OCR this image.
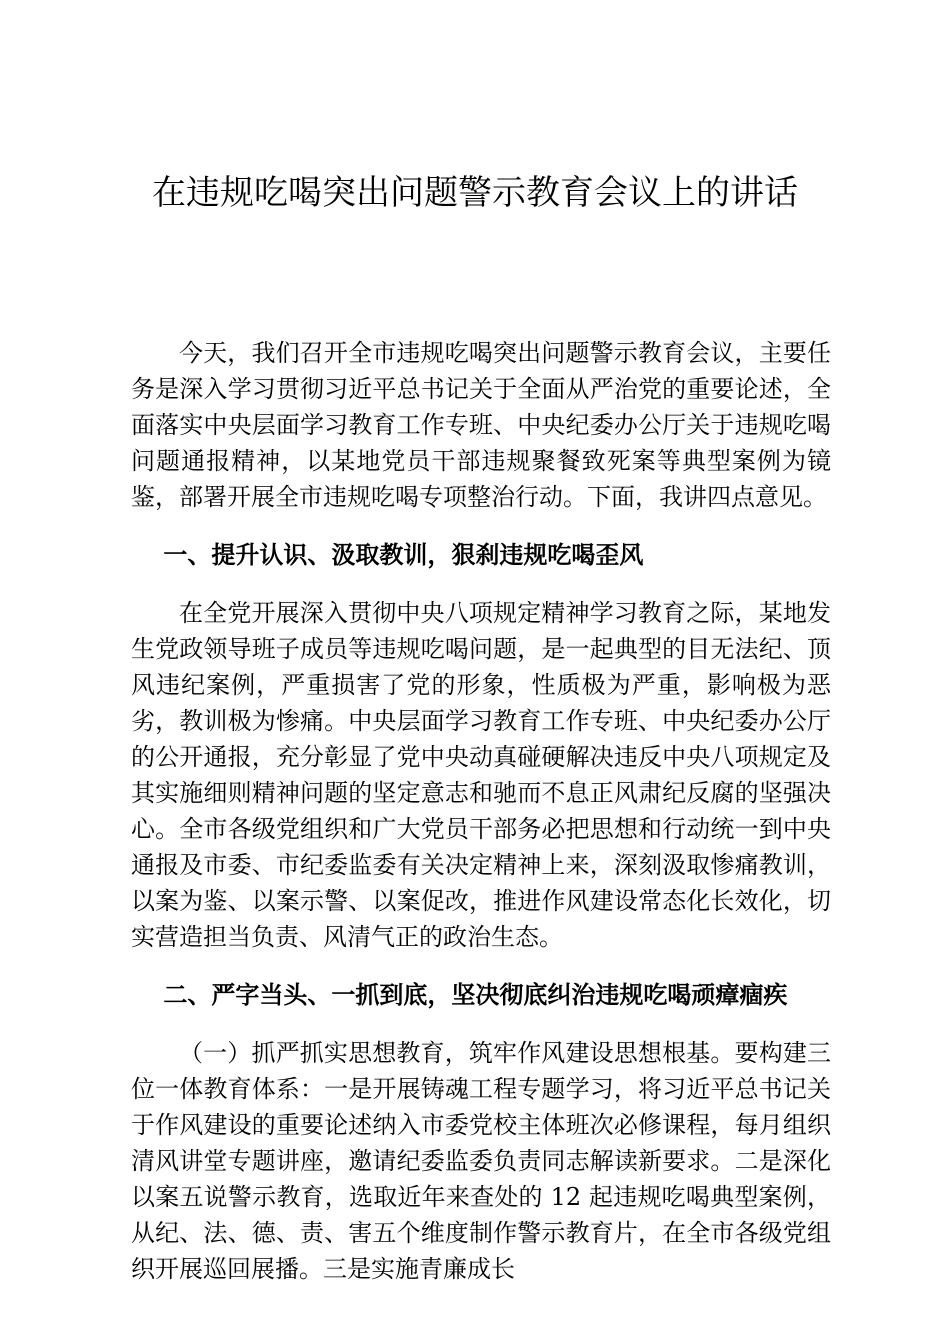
在违规吃喝突出问题警示教育会议上的讲话

今天，我们召开全市违规吃喝突出问题警示教育会议，主要任务是深入学习贯彻习近平总书记关于全面从严治党的重要论述，全面落实中央层面学习教育工作专班、中央纪委办公厅关于违规吃喝问题通报精神，以某地党员干部违规聚餐致死案等典型案例为镜鉴，部署开展全市违规吃喝专项整治行动。下面，我讲四点意见。

一、提升认识、汲取教训，狠刹违规吃喝歪风

在全党开展深入贯彻中央八项规定精神学习教育之际，某地发生党政领导班子成员等违规吃喝问题，是一起典型的目无法纪、顶风违纪案例，严重损害了党的形象，性质极为严重，影响极为恶劣，教训极为惨痛。中央层面学习教育工作专班、中央纪委办公厅的公开通报，充分彰显了党中央动真碰硬解决违反中央八项规定及其实施细则精神问题的坚定意志和驰而不息正风肃纪反腐的坚强决心。全市各级党组织和广大党员干部务必把思想和行动统一到中央通报及市委、市纪委监委有关决定精神上来，深刻汲取惨痛教训，以案为鉴、以案示警、以案促改，推进作风建设常态化长效化，切实营造担当负责、风清气正的政治生态。

二、严字当头、一抓到底，坚决彻底纠治违规吃喝顽瘴痼疾

（一）抓严抓实思想教育，筑牢作风建设思想根基。要构建三位一体教育体系：一是开展铸魂工程专题学习，将习近平总书记关于作风建设的重要论述纳入市委党校主体班次必修课程，每月组织清风讲堂专题讲座，邀请纪委监委负责同志解读新要求。二是深化以案五说警示教育，选取近年来查处的 12 起违规吃喝典型案例，从纪、法、德、责、害五个维度制作警示教育片，在全市各级党组织开展巡回展播。三是实施青廉成长
